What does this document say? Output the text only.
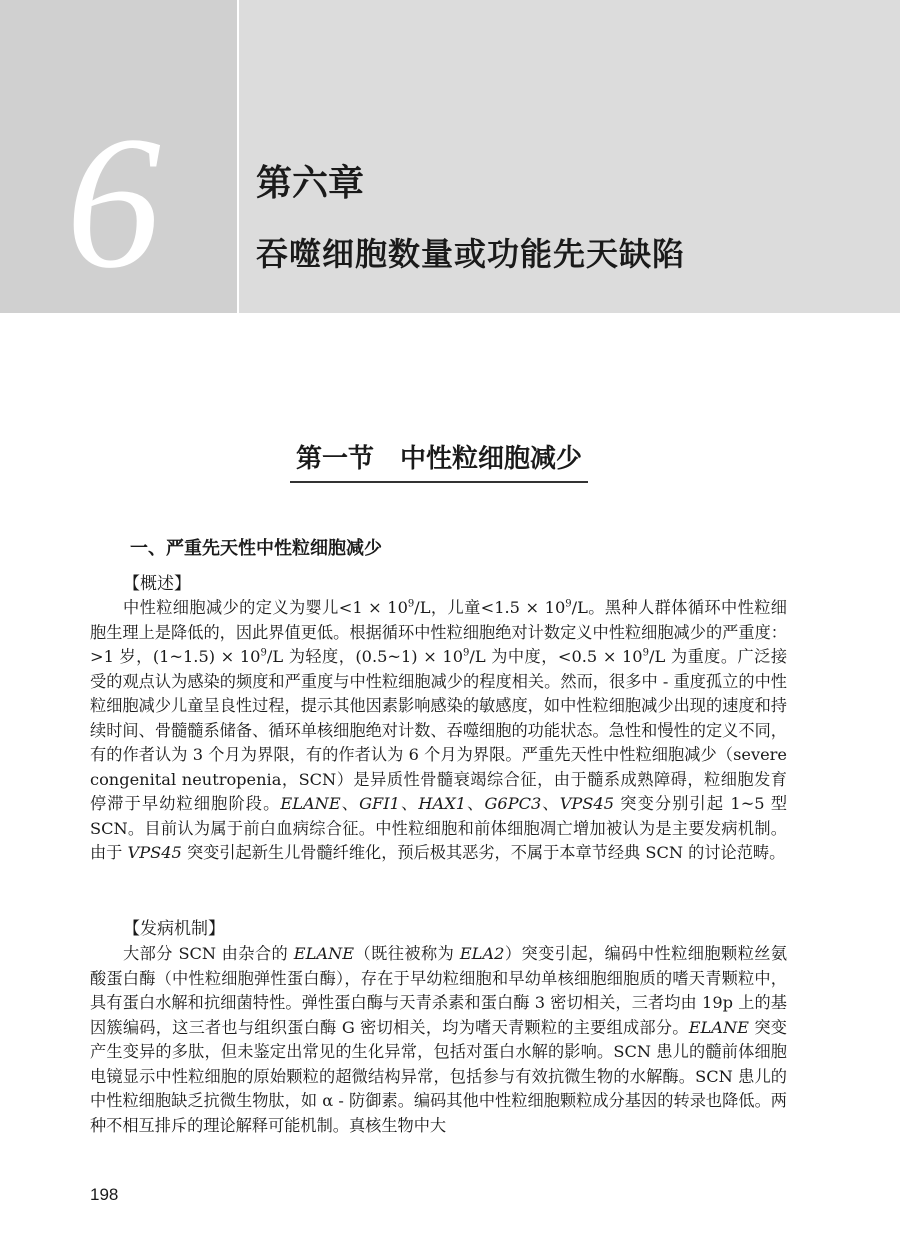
6	第六章
吞噬细胞数量或功能先天缺陷
第一节　中性粒细胞减少
一、严重先天性中性粒细胞减少
【概述】

中性粒细胞减少的定义为婴儿$<1 \times 10^9/L$，儿童$<1.5 \times 10^9/L$。黑种人群体循环中性粒细胞生理上是降低的，因此界值更低。根据循环中性粒细胞绝对计数定义中性粒细胞减少的严重度：>1 岁，(1~1.5) × $10^9/L$ 为轻度，(0.5~1) × $10^9/L$ 为中度，$<0.5 \times 10^9/L$ 为重度。广泛接受的观点认为感染的频度和严重度与中性粒细胞减少的程度相关。然而，很多中 - 重度孤立的中性粒细胞减少儿童呈良性过程，提示其他因素影响感染的敏感度，如中性粒细胞减少出现的速度和持续时间、骨髓髓系储备、循环单核细胞绝对计数、吞噬细胞的功能状态。急性和慢性的定义不同，有的作者认为 3 个月为界限，有的作者认为 6 个月为界限。严重先天性中性粒细胞减少（severe congenital neutropenia，SCN）是异质性骨髓衰竭综合征，由于髓系成熟障碍，粒细胞发育停滞于早幼粒细胞阶段。ELANE、GFI1、HAX1、G6PC3、VPS45 突变分别引起 1~5 型 SCN。目前认为属于前白血病综合征。中性粒细胞和前体细胞凋亡增加被认为是主要发病机制。由于 VPS45 突变引起新生儿骨髓纤维化，预后极其恶劣，不属于本章节经典 SCN 的讨论范畴。

【发病机制】

大部分 SCN 由杂合的 ELANE（既往被称为 ELA2）突变引起，编码中性粒细胞颗粒丝氨酸蛋白酶（中性粒细胞弹性蛋白酶），存在于早幼粒细胞和早幼单核细胞细胞质的嗜天青颗粒中，具有蛋白水解和抗细菌特性。弹性蛋白酶与天青杀素和蛋白酶 3 密切相关，三者均由 19p 上的基因簇编码，这三者也与组织蛋白酶 G 密切相关，均为嗜天青颗粒的主要组成部分。ELANE 突变产生变异的多肽，但未鉴定出常见的生化异常，包括对蛋白水解的影响。SCN 患儿的髓前体细胞电镜显示中性粒细胞的原始颗粒的超微结构异常，包括参与有效抗微生物的水解酶。SCN 患儿的中性粒细胞缺乏抗微生物肽，如 α - 防御素。编码其他中性粒细胞颗粒成分基因的转录也降低。两种不相互排斥的理论解释可能机制。真核生物中大

198
